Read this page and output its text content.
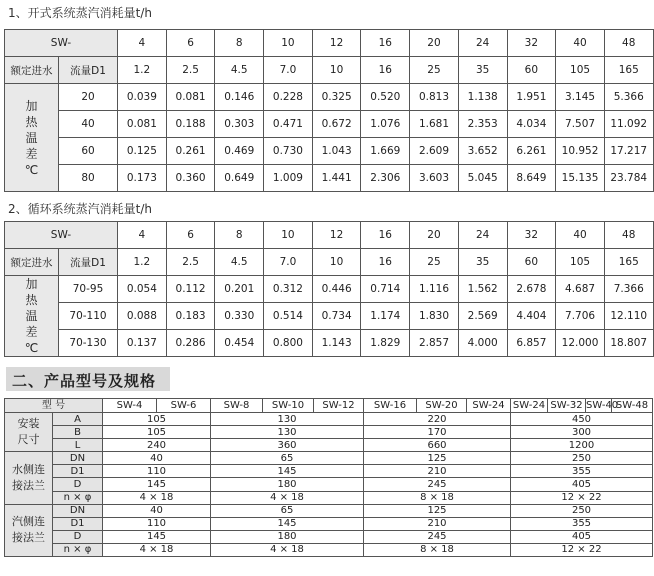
1、开式系统蒸汽消耗量t/h
SW-		4	6	8	10	12	16	20	24	32	40	48
额定进水	流量D1	1.2	2.5	4.5	7.0	10	16	25	35	60	105	165

加
热
温
差
℃	20	0.039	0.081	0.146	0.228	0.325	0.520	0.813	1.138	1.951	3.145	5.366
	40	0.081	0.188	0.303	0.471	0.672	1.076	1.681	2.353	4.034	7.507	11.092
	60	0.125	0.261	0.469	0.730	1.043	1.669	2.609	3.652	6.261	10.952	17.217
	80	0.173	0.360	0.649	1.009	1.441	2.306	3.603	5.045	8.649	15.135	23.784
2、循环系统蒸汽消耗量t/h
SW-		4	6	8	10	12	16	20	24	32	40	48
额定进水	流量D1	1.2	2.5	4.5	7.0	10	16	25	35	60	105	165

加
热
温
差
℃	70-95	0.054	0.112	0.201	0.312	0.446	0.714	1.116	1.562	2.678	4.687	7.366
	70-110	0.088	0.183	0.330	0.514	0.734	1.174	1.830	2.569	4.404	7.706	12.110
	70-130	0.137	0.286	0.454	0.800	1.143	1.829	2.857	4.000	6.857	12.000	18.807
二、产品型号及规格
型 号		SW-4	SW-6	SW-8	SW-10	SW-12	SW-16	SW-20	SW-24	SW-24	SW-32	SW-40	SW-48

安装
尺寸	A	105		130			220			450			
	B	105		130			170			300			
	L	240		360			660			1200			

水侧连
接法兰	DN	40		65			125			250			
	D1	110		145			210			355			
	D	145		180			245			405			
	n × φ	4 × 18		4 × 18			8 × 18			12 × 22			

汽侧连
接法兰	DN	40		65			125			250			
	D1	110		145			210			355			
	D	145		180			245			405			
	n × φ	4 × 18		4 × 18			8 × 18			12 × 22			
